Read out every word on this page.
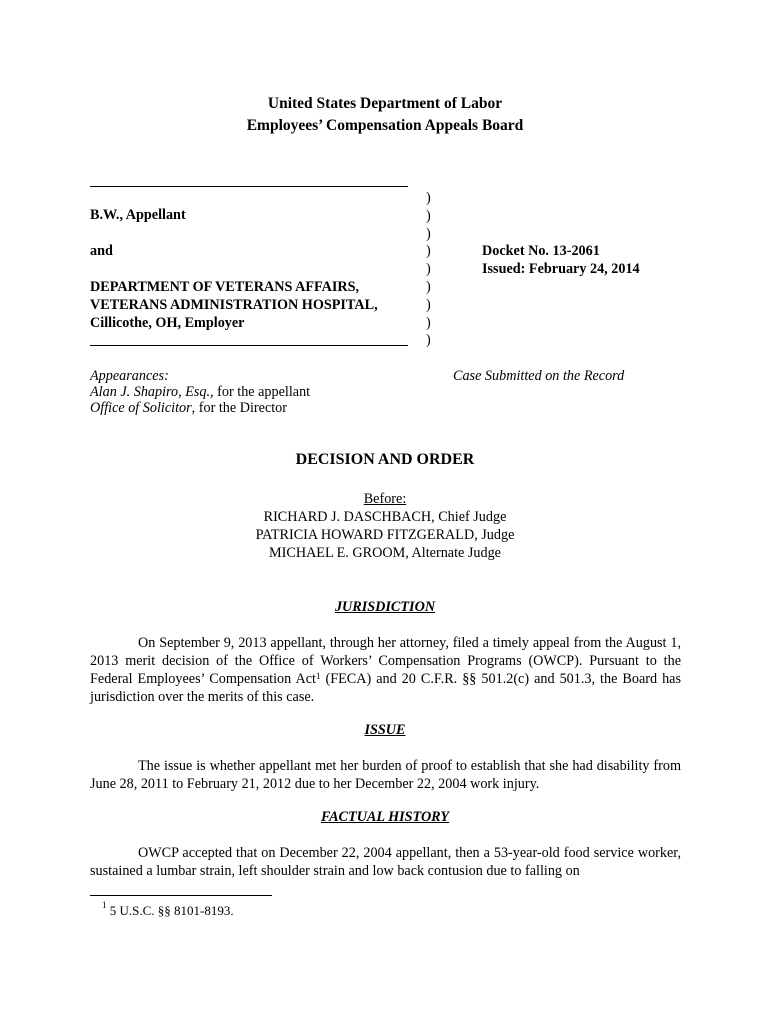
United States Department of Labor
Employees’ Compensation Appeals Board
B.W., Appellant
and
DEPARTMENT OF VETERANS AFFAIRS,
VETERANS ADMINISTRATION HOSPITAL,
Cillicothe, OH, Employer
)
)
)
)
)
)
)
)
)
Docket No. 13-2061
Issued: February 24, 2014
Appearances:
Alan J. Shapiro, Esq., for the appellant
Office of Solicitor, for the Director
Case Submitted on the Record
DECISION AND ORDER
Before:
RICHARD J. DASCHBACH, Chief Judge
PATRICIA HOWARD FITZGERALD, Judge
MICHAEL E. GROOM, Alternate Judge
JURISDICTION
On September 9, 2013 appellant, through her attorney, filed a timely appeal from the August 1, 2013 merit decision of the Office of Workers’ Compensation Programs (OWCP). Pursuant to the Federal Employees’ Compensation Act$^1$ (FECA) and 20 C.F.R. §§ 501.2(c) and 501.3, the Board has jurisdiction over the merits of this case.
ISSUE
The issue is whether appellant met her burden of proof to establish that she had disability from June 28, 2011 to February 21, 2012 due to her December 22, 2004 work injury.
FACTUAL HISTORY
OWCP accepted that on December 22, 2004 appellant, then a 53-year-old food service worker, sustained a lumbar strain, left shoulder strain and low back contusion due to falling on
$^1$ 5 U.S.C. §§ 8101-8193.
